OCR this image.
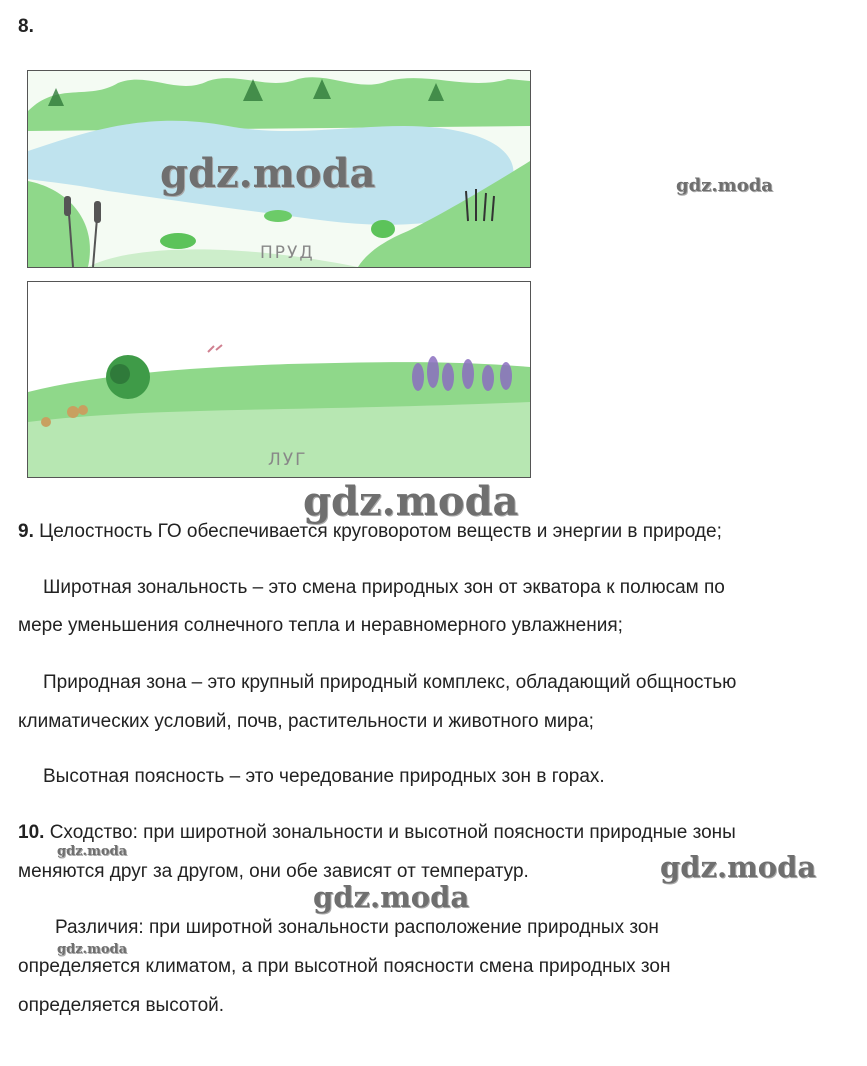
8.
ПРУД
ЛУГ
9. Целостность ГО обеспечивается круговоротом веществ и энергии в природе;
Широтная зональность – это смена природных зон от экватора к полюсам по
мере уменьшения солнечного тепла и неравномерного увлажнения;
Природная зона – это крупный природный комплекс, обладающий общностью
климатических условий, почв, растительности и животного мира;
Высотная поясность – это чередование природных зон в горах.
10. Сходство: при широтной зональности и высотной поясности природные зоны
меняются друг за другом, они обе зависят от температур.
Различия: при широтной зональности расположение природных зон
определяется климатом, а при высотной поясности смена природных зон
определяется высотой.
gdz.moda	gdz.moda
gdz.moda
gdz.moda	gdz.moda
gdz.moda
gdz.moda
